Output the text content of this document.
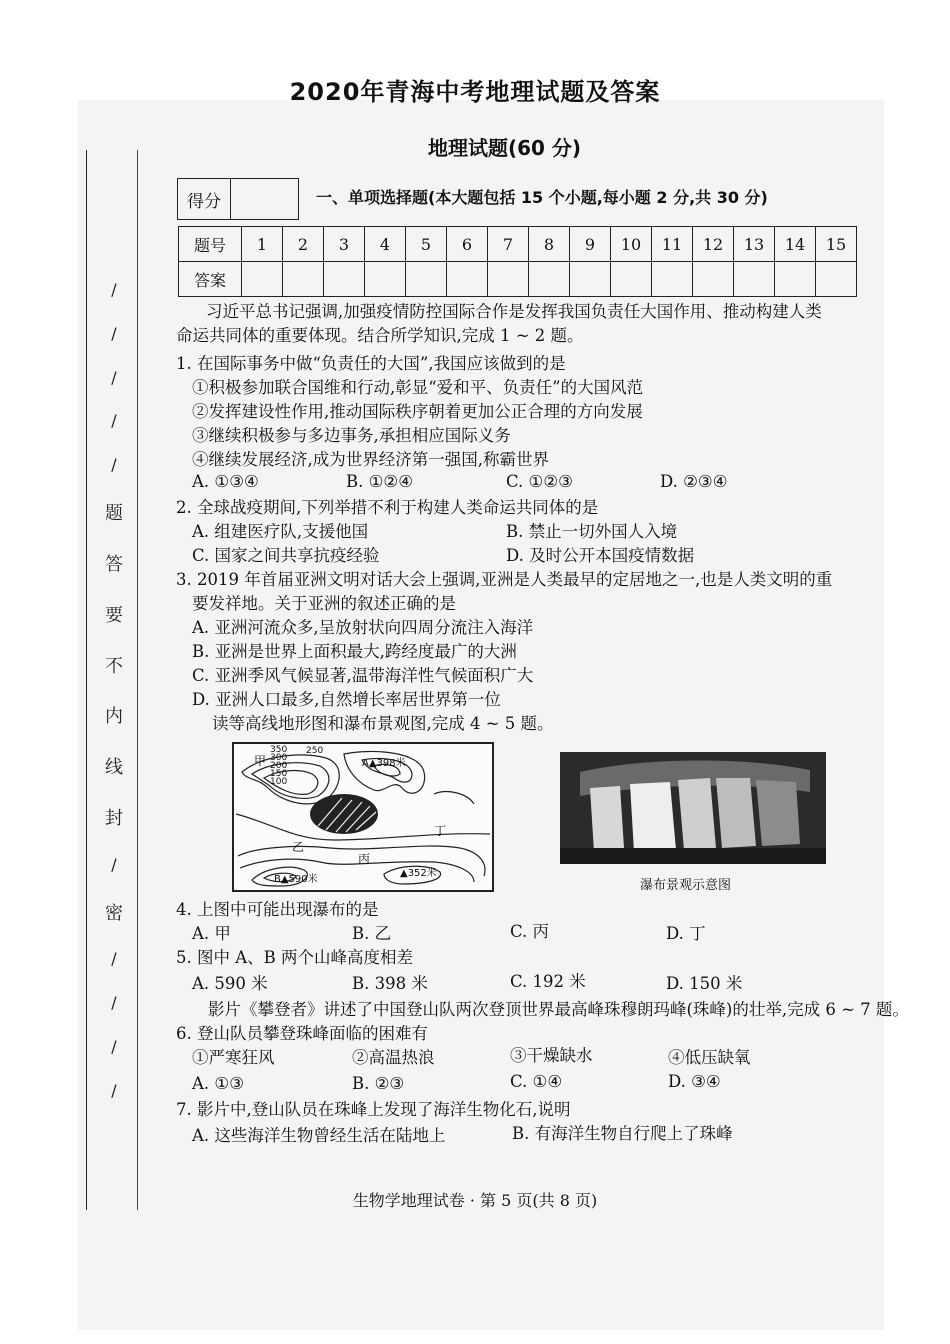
2020年青海中考地理试题及答案
/
/
/
/
/
题
答
要
不
内
线
封
/
密
/
/
/
/
地理试题(60 分)
得分	一、单项选择题(本大题包括 15 个小题,每小题 2 分,共 30 分)
题号	1	2	3	4	5	6	7	8	9	10	11	12	13	14	15
答案															
习近平总书记强调,加强疫情防控国际合作是发挥我国负责任大国作用、推动构建人类
命运共同体的重要体现。结合所学知识,完成 1 ~ 2 题。
1. 在国际事务中做“负责任的大国”,我国应该做到的是
①积极参加联合国维和行动,彰显“爱和平、负责任”的大国风范
②发挥建设性作用,推动国际秩序朝着更加公正合理的方向发展
③继续积极参与多边事务,承担相应国际义务
④继续发展经济,成为世界经济第一强国,称霸世界
A. ①③④	B. ①②④	C. ①②③	D. ②③④
2. 全球战疫期间,下列举措不利于构建人类命运共同体的是
A. 组建医疗队,支援他国	B. 禁止一切外国人入境
C. 国家之间共享抗疫经验	D. 及时公开本国疫情数据
3. 2019 年首届亚洲文明对话大会上强调,亚洲是人类最早的定居地之一,也是人类文明的重
要发祥地。关于亚洲的叙述正确的是
A. 亚洲河流众多,呈放射状向四周分流注入海洋
B. 亚洲是世界上面积最大,跨经度最广的大洲
C. 亚洲季风气候显著,温带海洋性气候面积广大
D. 亚洲人口最多,自然增长率居世界第一位
读等高线地形图和瀑布景观图,完成 4 ~ 5 题。
350
300
200
150
100
250
甲
乙
丙
丁
A▲398米
B▲590米
▲352米
瀑布景观示意图
4. 上图中可能出现瀑布的是
A. 甲	B. 乙	C. 丙	D. 丁
5. 图中 A、B 两个山峰高度相差
A. 590 米	B. 398 米	C. 192 米	D. 150 米
影片《攀登者》讲述了中国登山队两次登顶世界最高峰珠穆朗玛峰(珠峰)的壮举,完成 6 ~ 7 题。
6. 登山队员攀登珠峰面临的困难有
①严寒狂风	②高温热浪	③干燥缺水	④低压缺氧
A. ①③	B. ②③	C. ①④	D. ③④
7. 影片中,登山队员在珠峰上发现了海洋生物化石,说明
A. 这些海洋生物曾经生活在陆地上	B. 有海洋生物自行爬上了珠峰
生物学地理试卷 · 第 5 页(共 8 页)
